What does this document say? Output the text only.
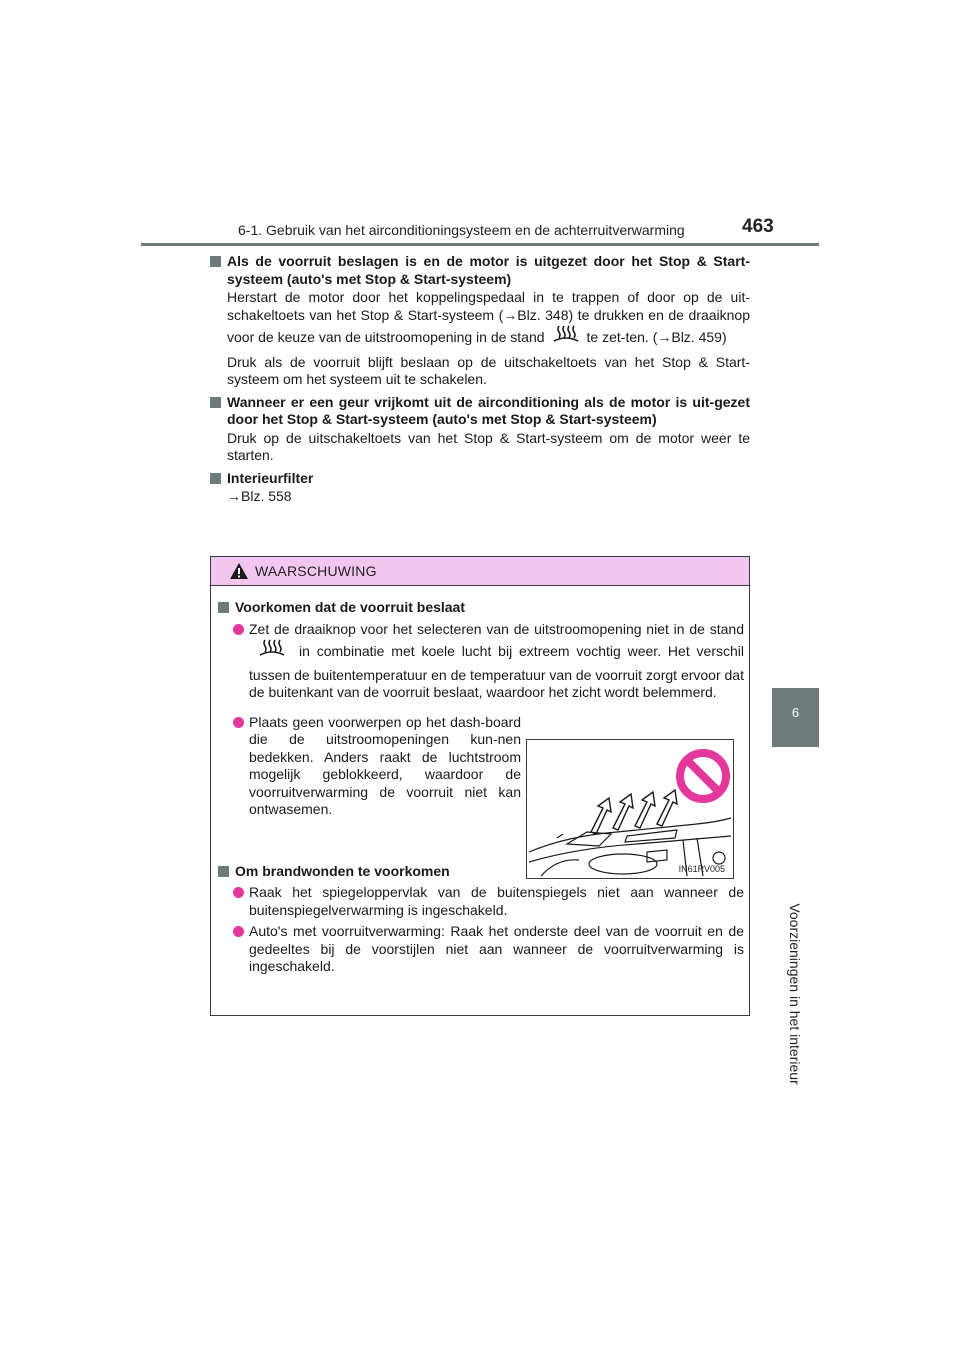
6-1. Gebruik van het airconditioningsysteem en de achterruitverwarming	463
6
Voorzieningen in het interieur
Als de voorruit beslagen is en de motor is uitgezet door het Stop & Start-systeem (auto's met Stop & Start-systeem)

Herstart de motor door het koppelingspedaal in te trappen of door op de uit-schakeltoets van het Stop & Start-systeem (→Blz. 348) te drukken en de draaiknop voor de keuze van de uitstroomopening in de stand	te zet-ten. (→Blz. 459)

Druk als de voorruit blijft beslaan op de uitschakeltoets van het Stop & Start-systeem om het systeem uit te schakelen.

Wanneer er een geur vrijkomt uit de airconditioning als de motor is uit-gezet door het Stop & Start-systeem (auto's met Stop & Start-systeem)

Druk op de uitschakeltoets van het Stop & Start-systeem om de motor weer te starten.

Interieurfilter

→Blz. 558

WAARSCHUWING
Voorkomen dat de voorruit beslaat
Zet de draaiknop voor het selecteren van de uitstroomopening niet in de standin combinatie met koele lucht bij extreem vochtig weer. Het verschil tussen de buitentemperatuur en de temperatuur van de voorruit zorgt ervoor dat de buitenkant van de voorruit beslaat, waardoor het zicht wordt belemmerd.
Plaats geen voorwerpen op het dash-board die de uitstroomopeningen kun-nen bedekken. Anders raakt de luchtstroom mogelijk geblokkeerd, waardoor de voorruitverwarming de voorruit niet kan ontwasemen.
Om brandwonden te voorkomen
Raak het spiegeloppervlak van de buitenspiegels niet aan wanneer de buitenspiegelverwarming is ingeschakeld.
Auto's met voorruitverwarming: Raak het onderste deel van de voorruit en de gedeeltes bij de voorstijlen niet aan wanneer de voorruitverwarming is ingeschakeld.
IN61RV005
